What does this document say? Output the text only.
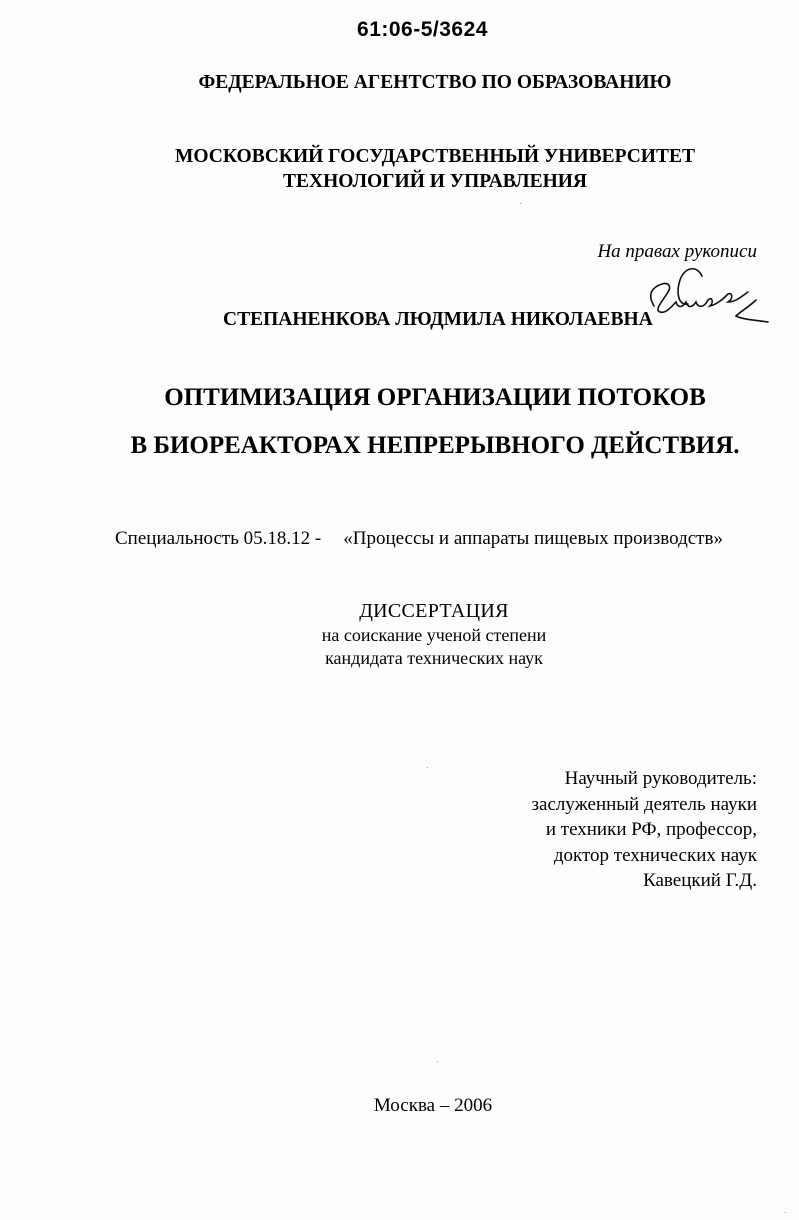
61:06-5/3624
ФЕДЕРАЛЬНОЕ АГЕНТСТВО ПО ОБРАЗОВАНИЮ
МОСКОВСКИЙ ГОСУДАРСТВЕННЫЙ УНИВЕРСИТЕТ
ТЕХНОЛОГИЙ И УПРАВЛЕНИЯ
На правах рукописи
СТЕПАНЕНКОВА ЛЮДМИЛА НИКОЛАЕВНА
ОПТИМИЗАЦИЯ ОРГАНИЗАЦИИ ПОТОКОВ
В БИОРЕАКТОРАХ НЕПРЕРЫВНОГО ДЕЙСТВИЯ.
Специальность 05.18.12 - «Процессы и аппараты пищевых производств»
ДИССЕРТАЦИЯ
на соискание ученой степени
кандидата технических наук
Научный руководитель:
заслуженный деятель науки
и техники РФ, профессор,
доктор технических наук
Кавецкий Г.Д.
Москва – 2006
